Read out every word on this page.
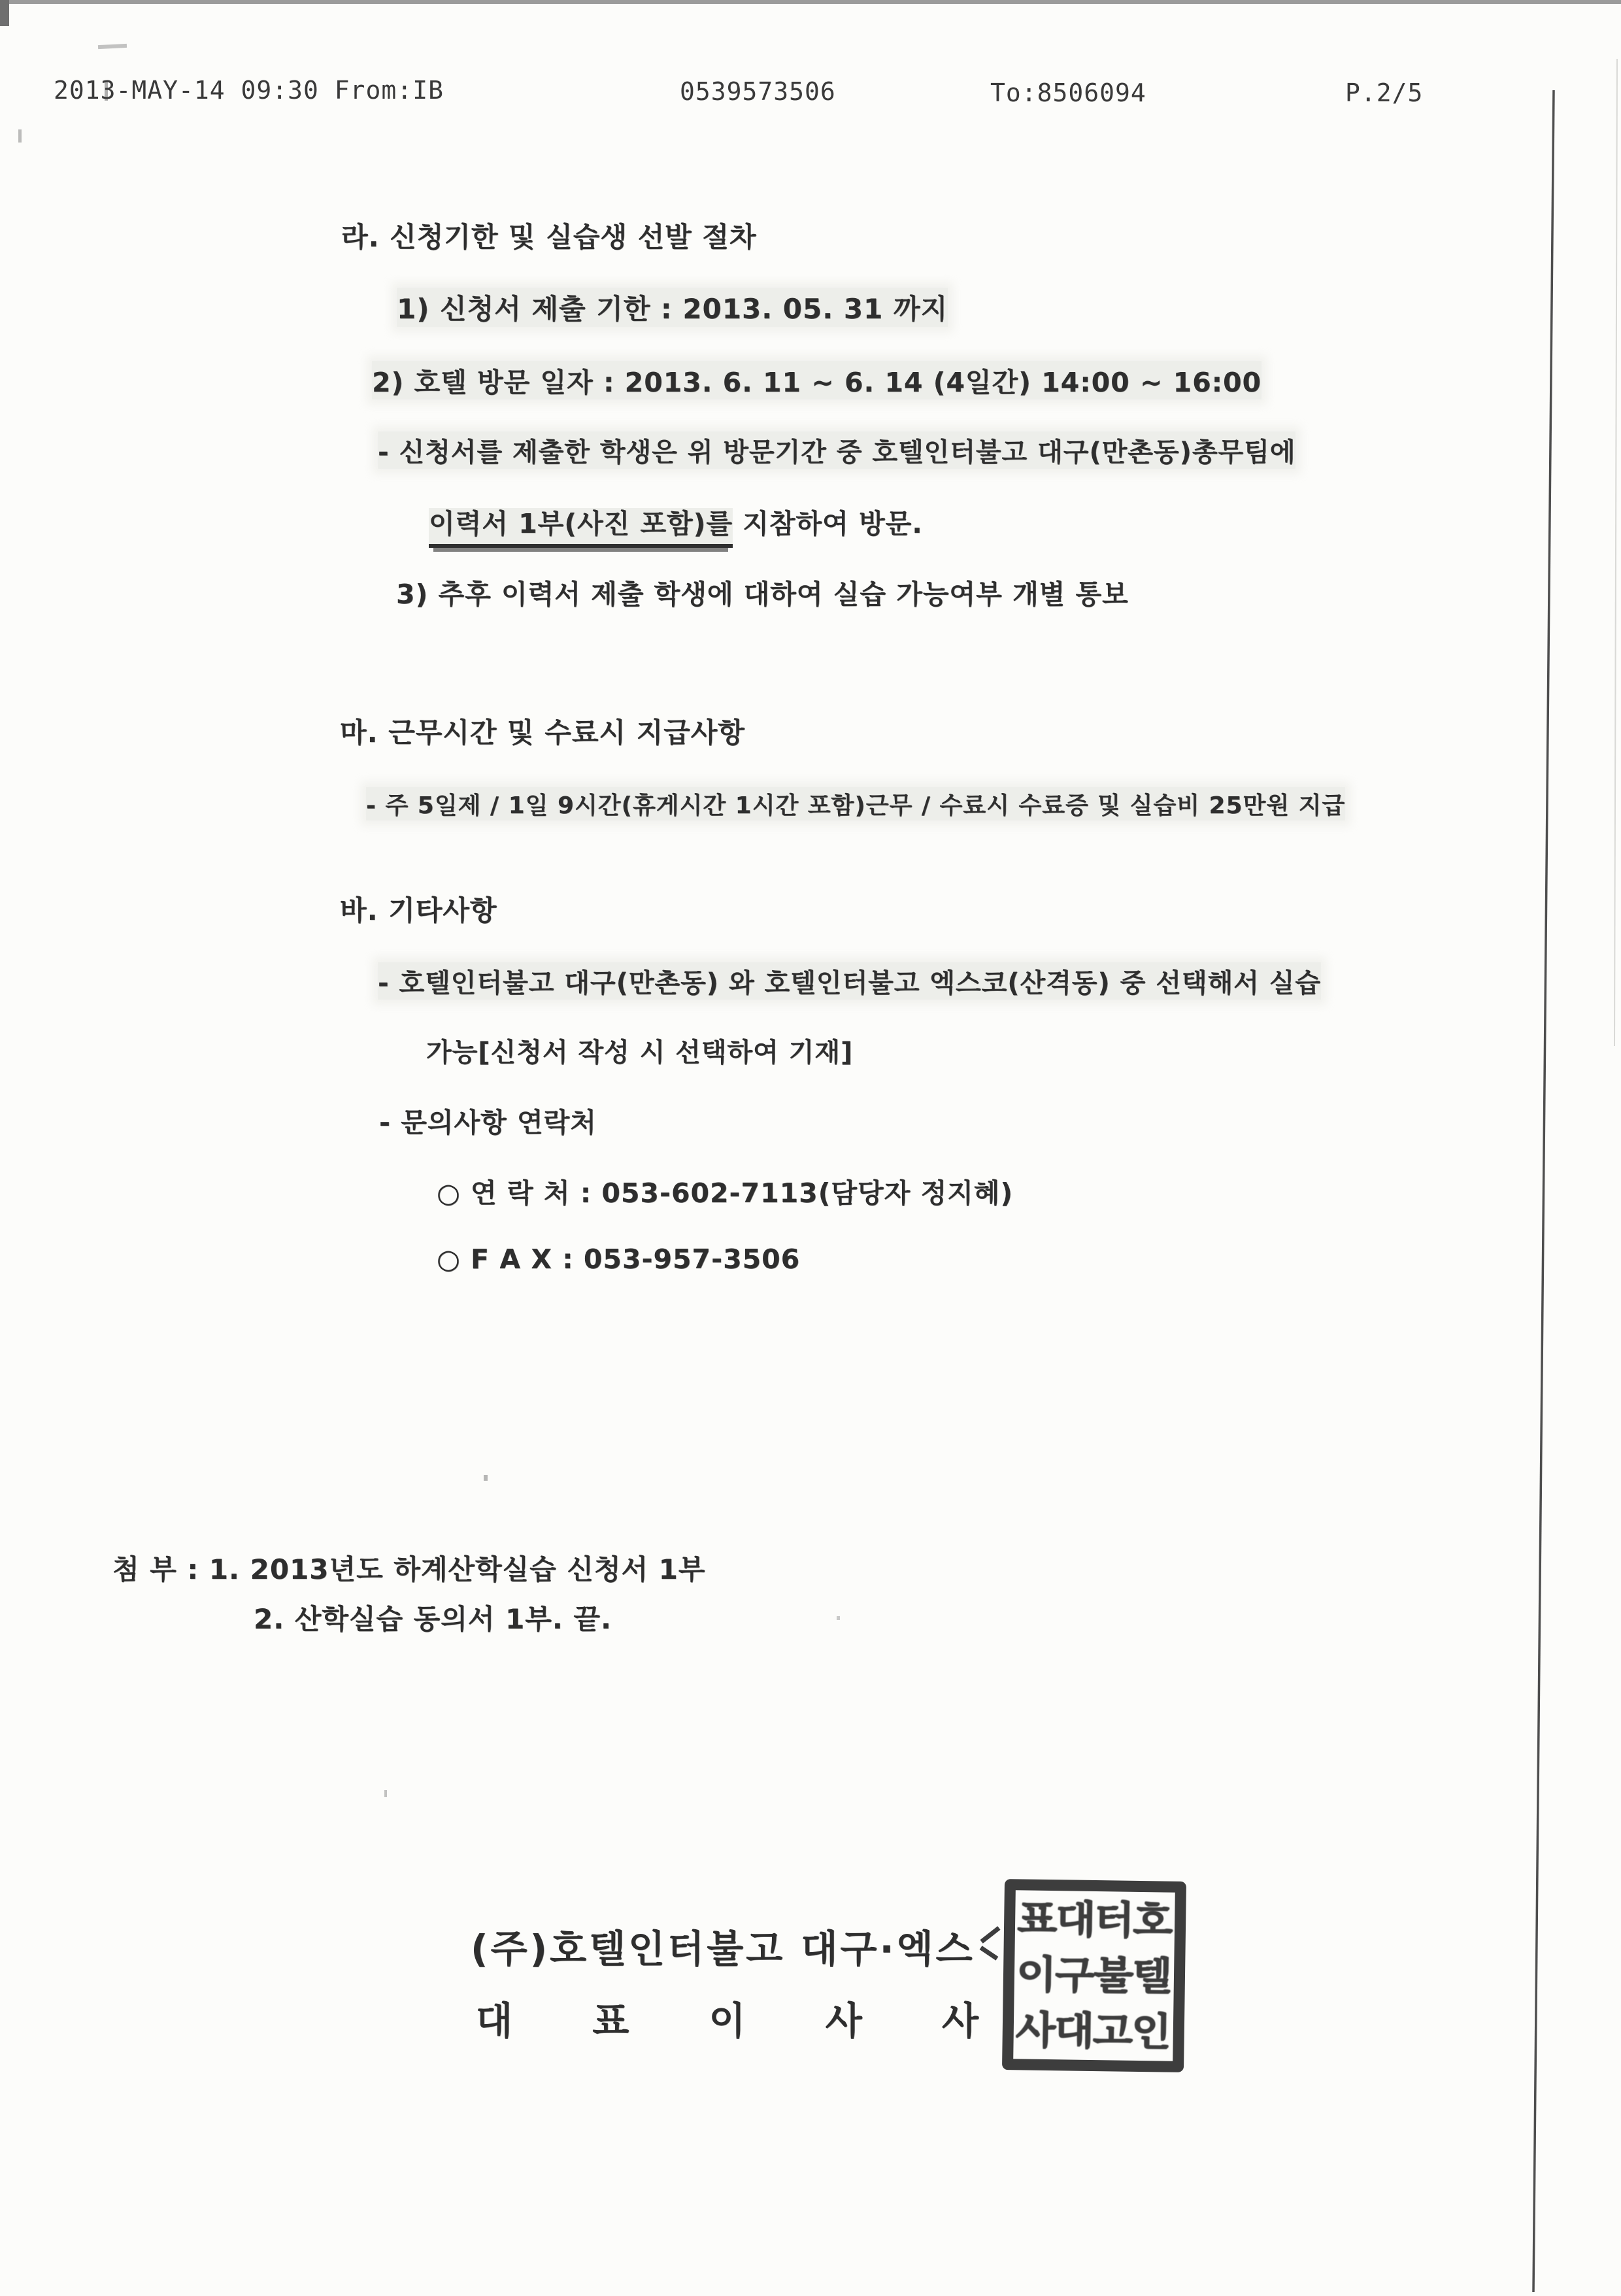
2013-MAY-14 09:30 From:IB	0539573506	To:8506094	P.2/5
라. 신청기한 및 실습생 선발 절차
1) 신청서 제출 기한 : 2013. 05. 31 까지
2) 호텔 방문 일자 : 2013. 6. 11 ~ 6. 14 (4일간) 14:00 ~ 16:00
- 신청서를 제출한 학생은 위 방문기간 중 호텔인터불고 대구(만촌동)총무팀에
이력서 1부(사진 포함)를 지참하여 방문.
3) 추후 이력서 제출 학생에 대하여 실습 가능여부 개별 통보
마. 근무시간 및 수료시 지급사항
- 주 5일제 / 1일 9시간(휴게시간 1시간 포함)근무 / 수료시 수료증 및 실습비 25만원 지급
바. 기타사항
- 호텔인터불고 대구(만촌동) 와 호텔인터불고 엑스코(산격동) 중 선택해서 실습
가능[신청서 작성 시 선택하여 기재]
- 문의사항 연락처
○ 연 락 처 : 053-602-7113(담당자 정지혜)
○ F A X : 053-957-3506
첨 부 : 1. 2013년도 하계산학실습 신청서 1부
2. 산학실습 동의서 1부. 끝.
(주)호텔인터불고 대구·엑스
대 표 이 사 사
표
이
사
대
구
대
터
불
고
호
텔
인
